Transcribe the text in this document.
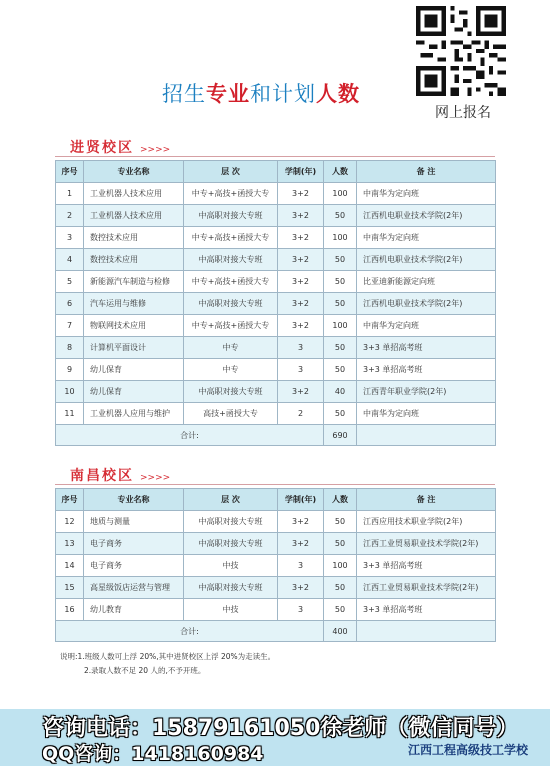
网上报名
招生专业和计划人数
进贤校区 >>>>
序号	专业名称	层 次	学制(年)	人数	备 注
1	工业机器人技术应用	中专+高技+函授大专	3+2	100	中南华为定向班
2	工业机器人技术应用	中高职对接大专班	3+2	50	江西机电职业技术学院(2年)
3	数控技术应用	中专+高技+函授大专	3+2	100	中南华为定向班
4	数控技术应用	中高职对接大专班	3+2	50	江西机电职业技术学院(2年)
5	新能源汽车制造与检修	中专+高技+函授大专	3+2	50	比亚迪新能源定向班
6	汽车运用与维修	中高职对接大专班	3+2	50	江西机电职业技术学院(2年)
7	物联网技术应用	中专+高技+函授大专	3+2	100	中南华为定向班
8	计算机平面设计	中专	3	50	3+3 单招高考班
9	幼儿保育	中专	3	50	3+3 单招高考班
10	幼儿保育	中高职对接大专班	3+2	40	江西青年职业学院(2年)
11	工业机器人应用与维护	高技+函授大专	2	50	中南华为定向班
合计:				690	
南昌校区 >>>>
序号	专业名称	层 次	学制(年)	人数	备 注
12	地质与测量	中高职对接大专班	3+2	50	江西应用技术职业学院(2年)
13	电子商务	中高职对接大专班	3+2	50	江西工业贸易职业技术学院(2年)
14	电子商务	中技	3	100	3+3 单招高考班
15	高星级饭店运营与管理	中高职对接大专班	3+2	50	江西工业贸易职业技术学院(2年)
16	幼儿教育	中技	3	50	3+3 单招高考班
合计:				400	
说明:1.班级人数可上浮 20%,其中进贤校区上浮 20%为走读生。
2.录取人数不足 20 人的,不予开班。
咨询电话：15879161050徐老师（微信同号）
QQ咨询：1418160984	江西工程高级技工学校
